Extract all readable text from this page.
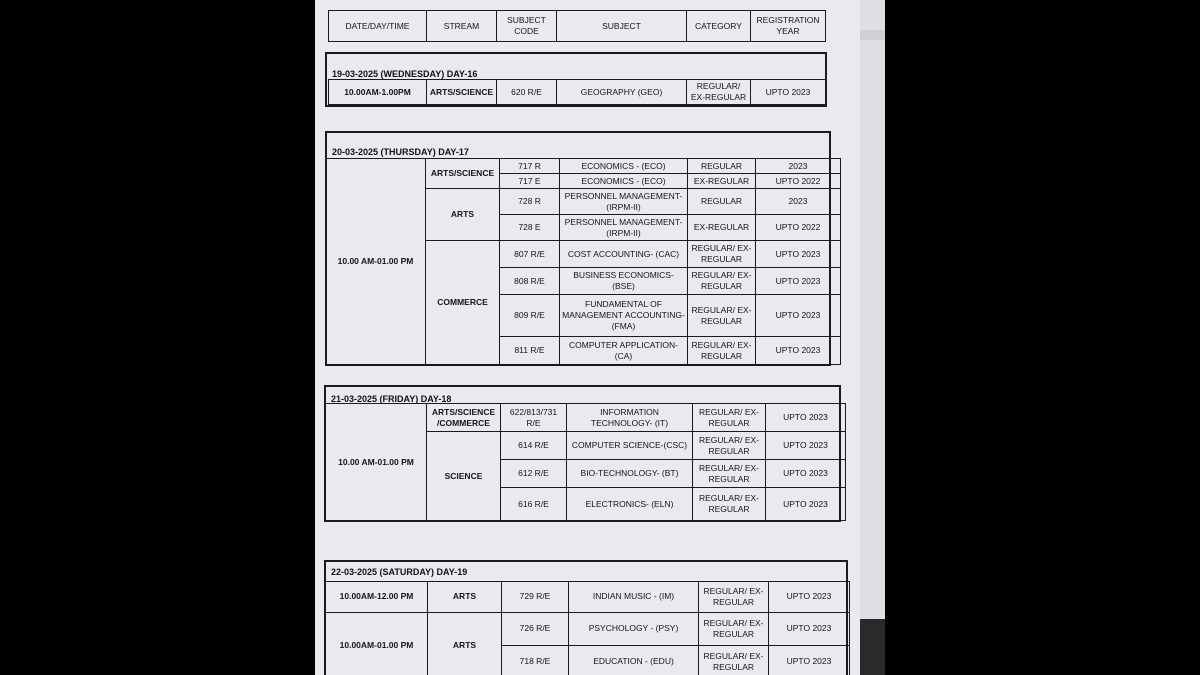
DATE/DAY/TIME	STREAM	SUBJECT CODE	SUBJECT	CATEGORY	REGISTRATION YEAR
19-03-2025 (WEDNESDAY) DAY-16
10.00AM-1.00PM	ARTS/SCIENCE	620 R/E	GEOGRAPHY (GEO)	REGULAR/ EX-REGULAR	UPTO 2023
20-03-2025 (THURSDAY) DAY-17
10.00 AM-01.00 PM	ARTS/SCIENCE	717 R	ECONOMICS - (ECO)	REGULAR	2023
		717 E	ECONOMICS - (ECO)	EX-REGULAR	UPTO 2022
	ARTS	728 R	PERSONNEL MANAGEMENT- (IRPM-II)	REGULAR	2023
		728 E	PERSONNEL MANAGEMENT- (IRPM-II)	EX-REGULAR	UPTO 2022
	COMMERCE	807 R/E	COST ACCOUNTING- (CAC)	REGULAR/ EX-REGULAR	UPTO 2023
		808 R/E	BUSINESS ECONOMICS-(BSE)	REGULAR/ EX-REGULAR	UPTO 2023
		809 R/E	FUNDAMENTAL OF MANAGEMENT ACCOUNTING-(FMA)	REGULAR/ EX-REGULAR	UPTO 2023
		811 R/E	COMPUTER APPLICATION- (CA)	REGULAR/ EX-REGULAR	UPTO 2023
21-03-2025 (FRIDAY) DAY-18
10.00 AM-01.00 PM	ARTS/SCIENCE /COMMERCE	622/813/731 R/E	INFORMATION TECHNOLOGY- (IT)	REGULAR/ EX-REGULAR	UPTO 2023
	SCIENCE	614 R/E	COMPUTER SCIENCE-(CSC)	REGULAR/ EX-REGULAR	UPTO 2023
		612 R/E	BIO-TECHNOLOGY- (BT)	REGULAR/ EX-REGULAR	UPTO 2023
		616 R/E	ELECTRONICS- (ELN)	REGULAR/ EX-REGULAR	UPTO 2023
22-03-2025 (SATURDAY) DAY-19
10.00AM-12.00 PM	ARTS	729 R/E	INDIAN MUSIC - (IM)	REGULAR/ EX-REGULAR	UPTO 2023
10.00AM-01.00 PM	ARTS	726 R/E	PSYCHOLOGY - (PSY)	REGULAR/ EX-REGULAR	UPTO 2023
		718 R/E	EDUCATION - (EDU)	REGULAR/ EX-REGULAR	UPTO 2023
